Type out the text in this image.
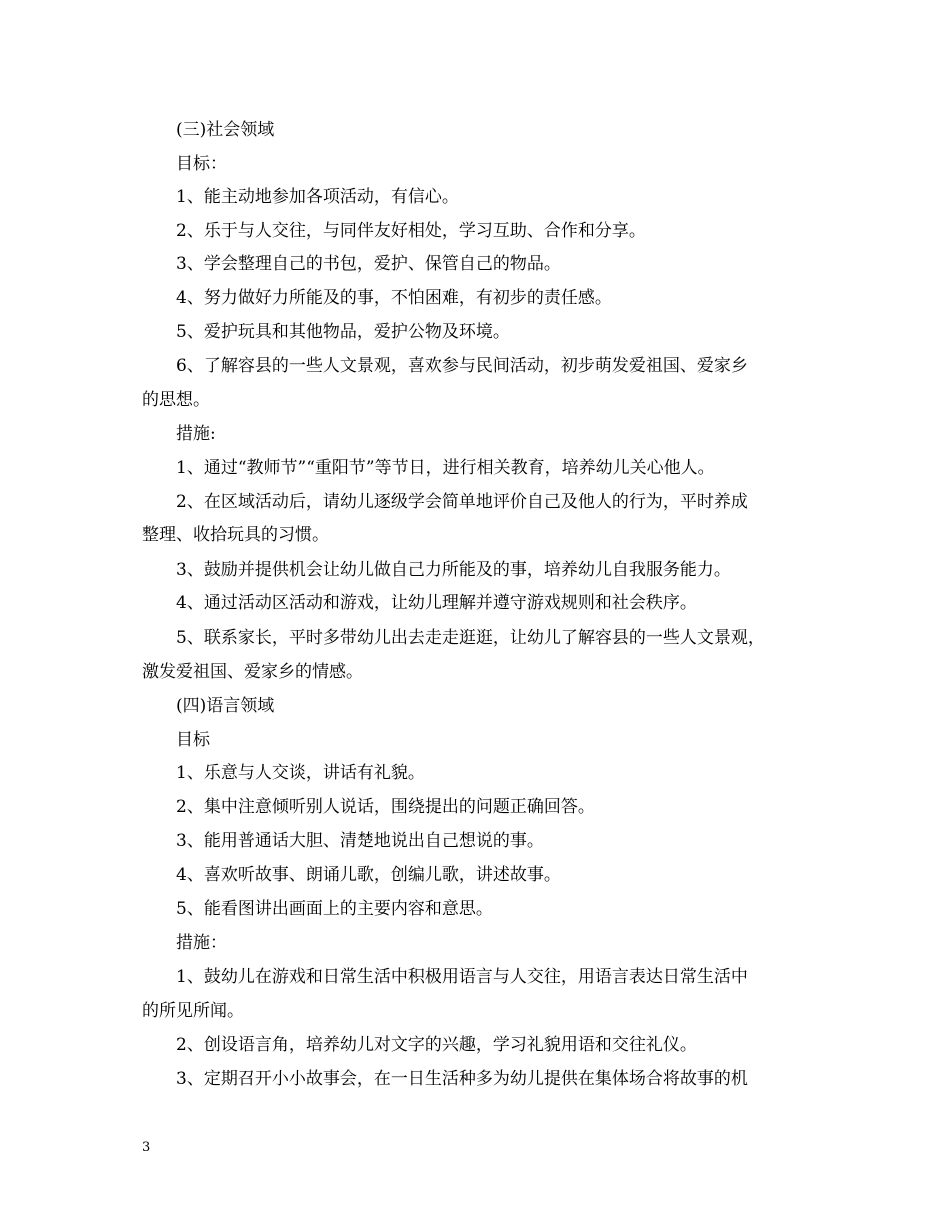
(三)社会领域
目标：
1、能主动地参加各项活动，有信心。
2、乐于与人交往，与同伴友好相处，学习互助、合作和分享。
3、学会整理自己的书包，爱护、保管自己的物品。
4、努力做好力所能及的事，不怕困难，有初步的责任感。
5、爱护玩具和其他物品，爱护公物及环境。
6、了解容县的一些人文景观，喜欢参与民间活动，初步萌发爱祖国、爱家乡
的思想。
措施:
1、通过“教师节”“重阳节”等节日，进行相关教育，培养幼儿关心他人。
2、在区域活动后，请幼儿逐级学会简单地评价自己及他人的行为，平时养成
整理、收拾玩具的习惯。
3、鼓励并提供机会让幼儿做自己力所能及的事，培养幼儿自我服务能力。
4、通过活动区活动和游戏，让幼儿理解并遵守游戏规则和社会秩序。
5、联系家长，平时多带幼儿出去走走逛逛，让幼儿了解容县的一些人文景观，
激发爱祖国、爱家乡的情感。
(四)语言领域
目标
1、乐意与人交谈，讲话有礼貌。
2、集中注意倾听别人说话，围绕提出的问题正确回答。
3、能用普通话大胆、清楚地说出自己想说的事。
4、喜欢听故事、朗诵儿歌，创编儿歌，讲述故事。
5、能看图讲出画面上的主要内容和意思。
措施：
1、鼓幼儿在游戏和日常生活中积极用语言与人交往，用语言表达日常生活中
的所见所闻。
2、创设语言角，培养幼儿对文字的兴趣，学习礼貌用语和交往礼仪。
3、定期召开小小故事会，在一日生活种多为幼儿提供在集体场合将故事的机
3
